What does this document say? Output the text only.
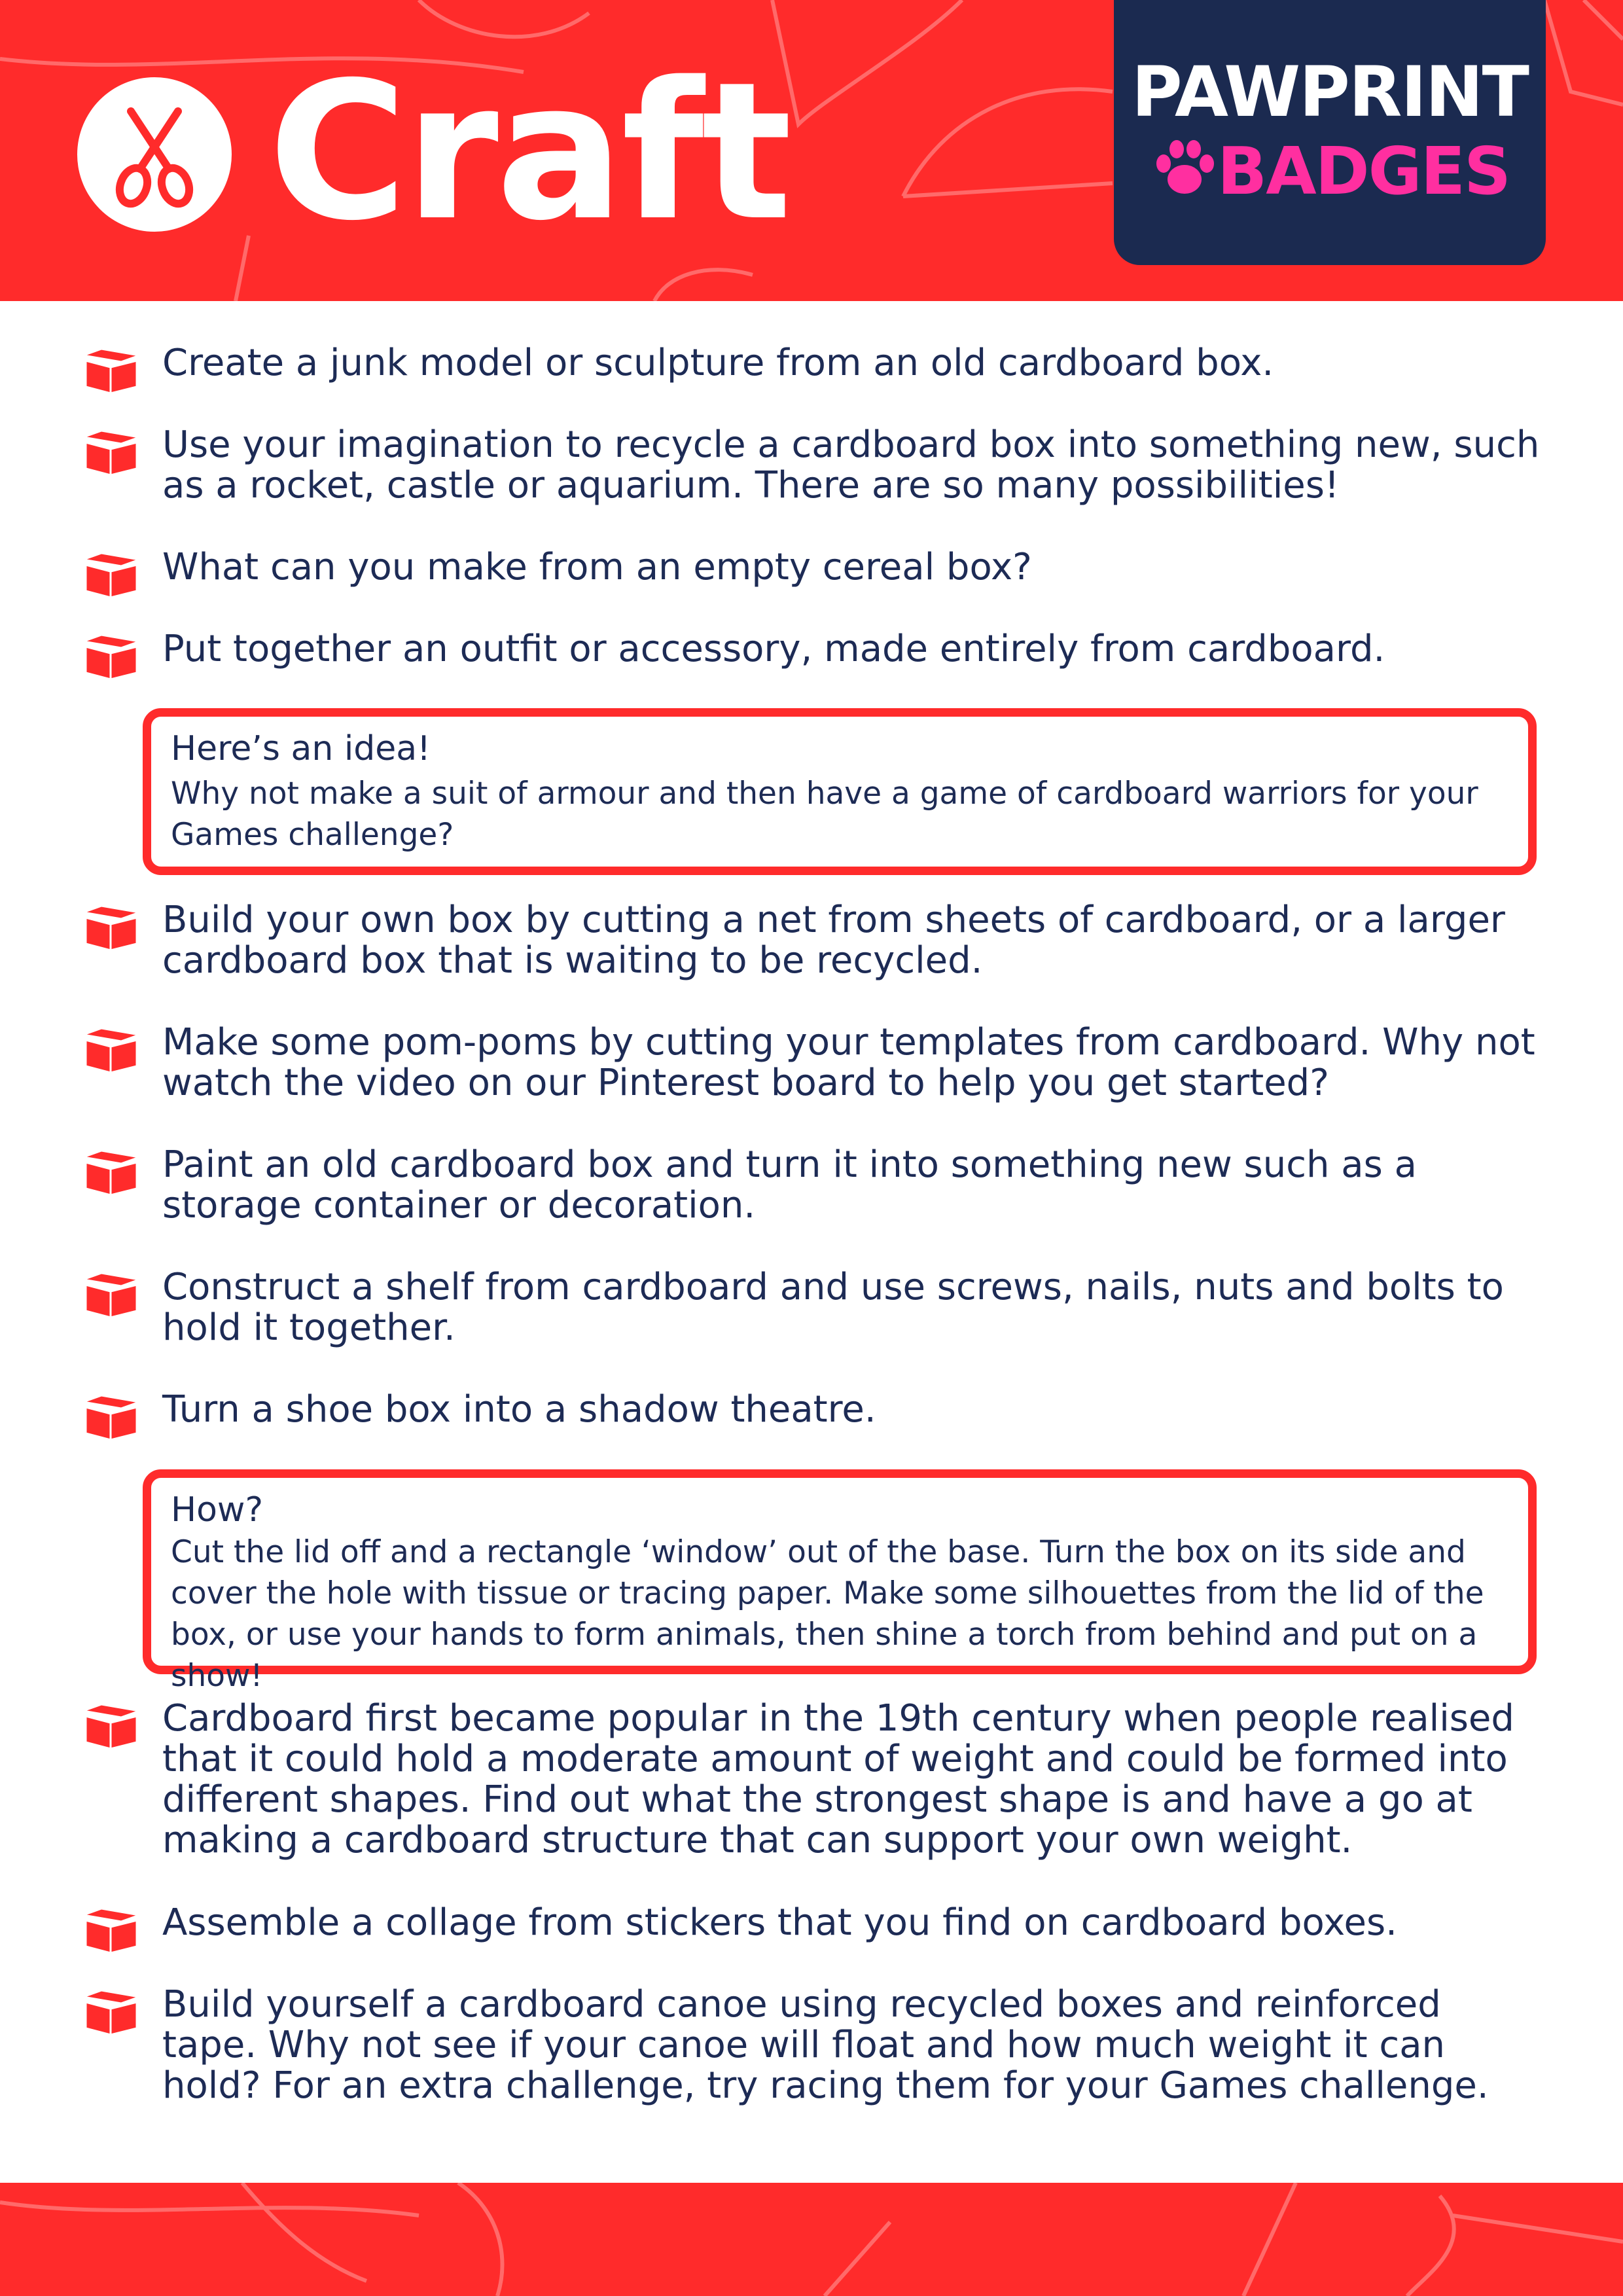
Craft	PAWPRINT
BADGES
Create a junk model or sculpture from an old cardboard box.
Use your imagination to recycle a cardboard box into something new, such as a rocket, castle or aquarium. There are so many possibilities!
What can you make from an empty cereal box?
Put together an outfit or accessory, made entirely from cardboard.
Build your own box by cutting a net from sheets of cardboard, or a larger cardboard box that is waiting to be recycled.
Make some pom-poms by cutting your templates from cardboard. Why not watch the video on our Pinterest board to help you get started?
Paint an old cardboard box and turn it into something new such as a storage container or decoration.
Construct a shelf from cardboard and use screws, nails, nuts and bolts to hold it together.
Turn a shoe box into a shadow theatre.
Cardboard first became popular in the 19th century when people realised that it could hold a moderate amount of weight and could be formed into different shapes. Find out what the strongest shape is and have a go at making a cardboard structure that can support your own weight.
Assemble a collage from stickers that you find on cardboard boxes.
Build yourself a cardboard canoe using recycled boxes and reinforced tape. Why not see if your canoe will float and how much weight it can hold? For an extra challenge, try racing them for your Games challenge.
Here’s an idea!
Why not make a suit of armour and then have a game of cardboard warriors for your Games challenge?
How?
Cut the lid off and a rectangle ‘window’ out of the base. Turn the box on its side and cover the hole with tissue or tracing paper. Make some silhouettes from the lid of the box, or use your hands to form animals, then shine a torch from behind and put on a show!
